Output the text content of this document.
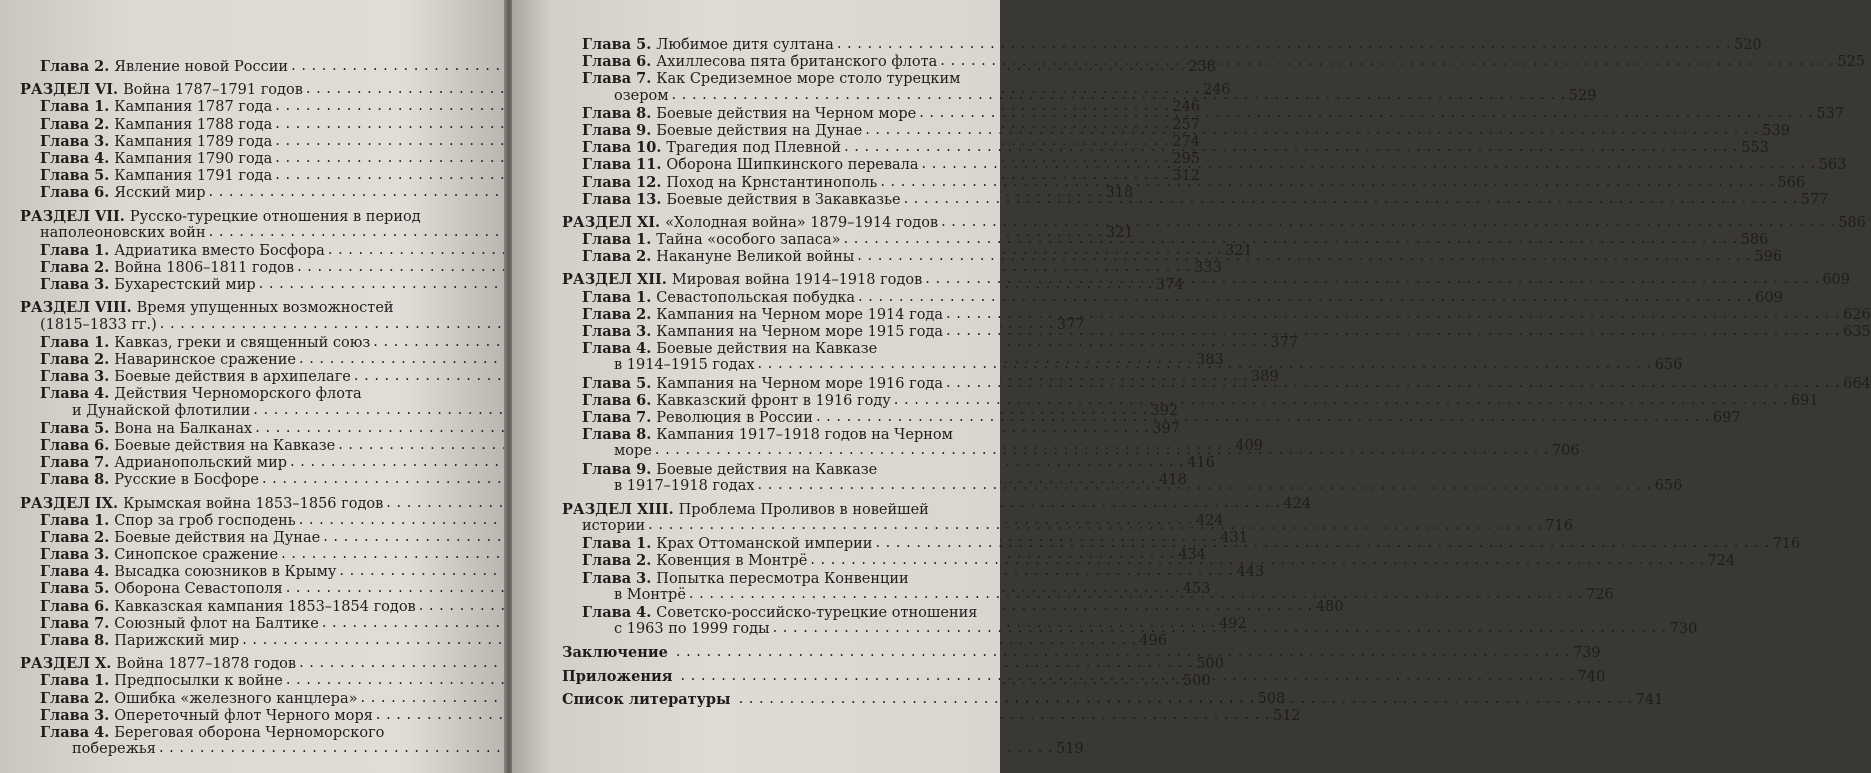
Глава 2. Явление новой России . . .	238
РАЗДЕЛ VI. Война 1787–1791 годов . . .	246
Глава 1. Кампания 1787 года . . .	246
Глава 2. Кампания 1788 года . . .	257
Глава 3. Кампания 1789 года . . .	274
Глава 4. Кампания 1790 года . . .	295
Глава 5. Кампания 1791 года . . .	312
Глава 6. Ясский мир . . .	318
РАЗДЕЛ VII. Русско-турецкие отношения в период
наполеоновских войн . . .	321
Глава 1. Адриатика вместо Босфора . . .	321
Глава 2. Война 1806–1811 годов . . .	333
Глава 3. Бухарестский мир . . .	374
РАЗДЕЛ VIII. Время упущенных возможностей
(1815–1833 гг.) . . .	377
Глава 1. Кавказ, греки и священный союз . . .	377
Глава 2. Наваринское сражение . . .	383
Глава 3. Боевые действия в архипелаге . . .	389
Глава 4. Действия Черноморского флота
и Дунайской флотилии . . .	392
Глава 5. Вона на Балканах . . .	397
Глава 6. Боевые действия на Кавказе . . .	409
Глава 7. Адрианопольский мир . . .	416
Глава 8. Русские в Босфоре . . .	418
РАЗДЕЛ IX. Крымская война 1853–1856 годов . . .	424
Глава 1. Спор за гроб господень . . .	424
Глава 2. Боевые действия на Дунае . . .	431
Глава 3. Синопское сражение . . .	434
Глава 4. Высадка союзников в Крыму . . .	443
Глава 5. Оборона Севастополя . . .	453
Глава 6. Кавказская кампания 1853–1854 годов . . .	480
Глава 7. Союзный флот на Балтике . . .	492
Глава 8. Парижский мир . . .	496
РАЗДЕЛ X. Война 1877–1878 годов . . .	500
Глава 1. Предпосылки к войне . . .	500
Глава 2. Ошибка «железного канцлера» . . .	508
Глава 3. Опереточный флот Черного моря . . .	512
Глава 4. Береговая оборона Черноморского
побережья . . .	519
Глава 5. Любимое дитя султана . . .	520
Глава 6. Ахиллесова пята британского флота . . .	525
Глава 7. Как Средиземное море столо турецким
озером . . .	529
Глава 8. Боевые действия на Черном море . . .	537
Глава 9. Боевые действия на Дунае . . .	539
Глава 10. Трагедия под Плевной . . .	553
Глава 11. Оборона Шипкинского перевала . . .	563
Глава 12. Поход на Крнстантинополь . . .	566
Глава 13. Боевые действия в Закавказье . . .	577
РАЗДЕЛ XI. «Холодная война» 1879–1914 годов . . .	586
Глава 1. Тайна «особого запаса» . . .	586
Глава 2. Накануне Великой войны . . .	596
РАЗДЕЛ XII. Мировая война 1914–1918 годов . . .	609
Глава 1. Севастопольская побудка . . .	609
Глава 2. Кампания на Черном море 1914 года . . .	626
Глава 3. Кампания на Черном море 1915 года . . .	635
Глава 4. Боевые действия на Кавказе
в 1914–1915 годах . . .	656
Глава 5. Кампания на Черном море 1916 года . . .	664
Глава 6. Кавказский фронт в 1916 году . . .	691
Глава 7. Революция в России . . .	697
Глава 8. Кампания 1917–1918 годов на Черном
море . . .	706
Глава 9. Боевые действия на Кавказе
в 1917–1918 годах . . .	656
РАЗДЕЛ XIII. Проблема Проливов в новейшей
истории . . .	716
Глава 1. Крах Оттоманской империи . . .	716
Глава 2. Ковенция в Монтрё . . .	724
Глава 3. Попытка пересмотра Конвенции
в Монтрё . . .	726
Глава 4. Советско-российско-турецкие отношения
с 1963 по 1999 годы . . .	730
Заключение . . .	739
Приложения . . .	740
Список литературы . . .	741
